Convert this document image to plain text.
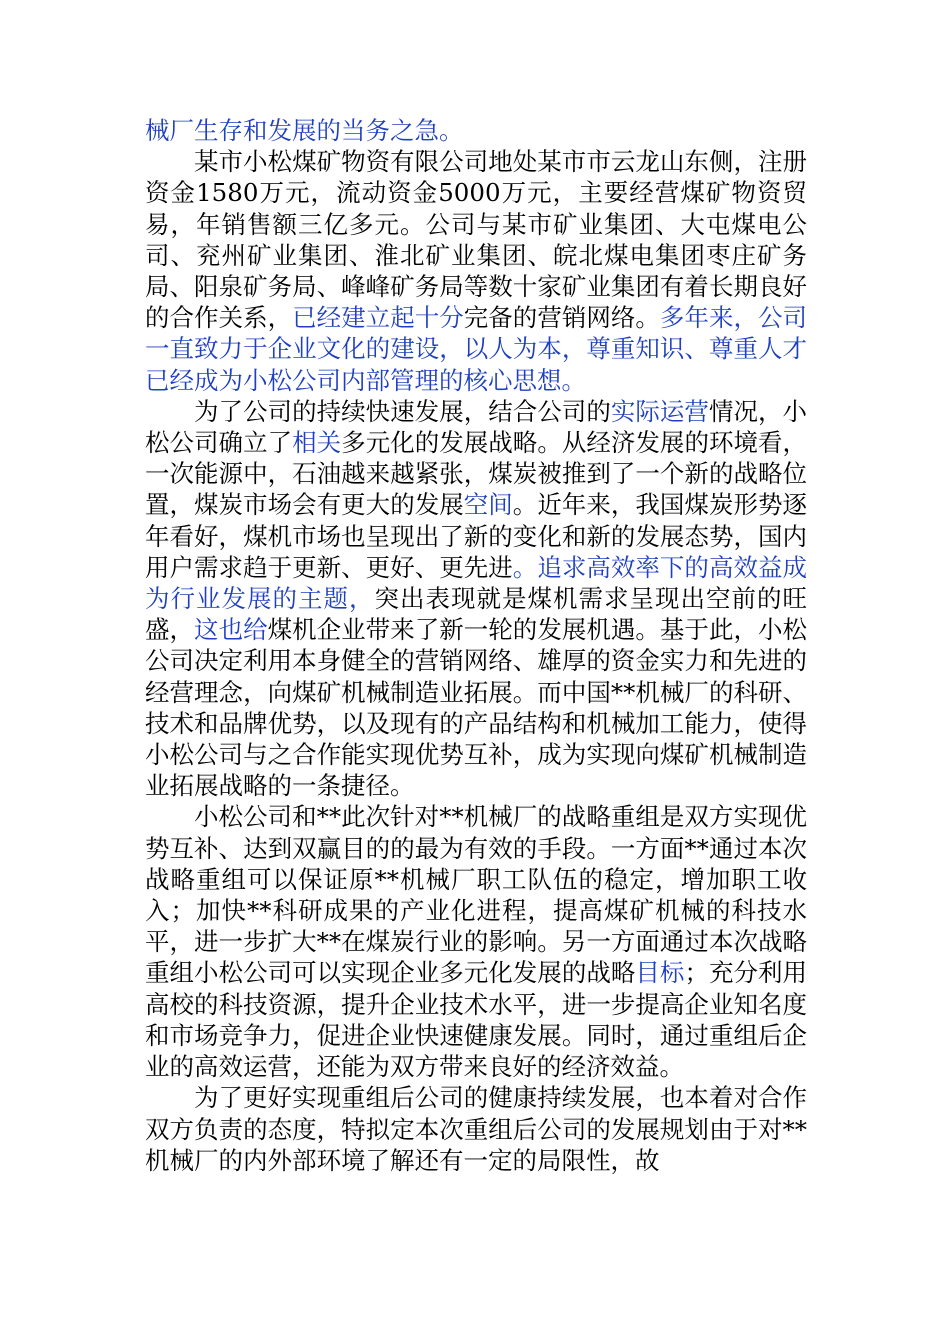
械厂生存和发展的当务之急。

某市小松煤矿物资有限公司地处某市市云龙山东侧，注册资金1580万元，流动资金5000万元，主要经营煤矿物资贸易，年销售额三亿多元。公司与某市矿业集团、大屯煤电公司、兖州矿业集团、淮北矿业集团、皖北煤电集团枣庄矿务局、阳泉矿务局、峰峰矿务局等数十家矿业集团有着长期良好的合作关系，已经建立起十分完备的营销网络。多年来，公司一直致力于企业文化的建设，以人为本，尊重知识、尊重人才已经成为小松公司内部管理的核心思想。

为了公司的持续快速发展，结合公司的实际运营情况，小松公司确立了相关多元化的发展战略。从经济发展的环境看，一次能源中，石油越来越紧张，煤炭被推到了一个新的战略位置，煤炭市场会有更大的发展空间。近年来，我国煤炭形势逐年看好，煤机市场也呈现出了新的变化和新的发展态势，国内用户需求趋于更新、更好、更先进。追求高效率下的高效益成为行业发展的主题，突出表现就是煤机需求呈现出空前的旺盛，这也给煤机企业带来了新一轮的发展机遇。基于此，小松公司决定利用本身健全的营销网络、雄厚的资金实力和先进的经营理念，向煤矿机械制造业拓展。而中国**机械厂的科研、技术和品牌优势，以及现有的产品结构和机械加工能力，使得小松公司与之合作能实现优势互补，成为实现向煤矿机械制造业拓展战略的一条捷径。

小松公司和**此次针对**机械厂的战略重组是双方实现优势互补、达到双赢目的的最为有效的手段。一方面**通过本次战略重组可以保证原**机械厂职工队伍的稳定，增加职工收入；加快**科研成果的产业化进程，提高煤矿机械的科技水平，进一步扩大**在煤炭行业的影响。另一方面通过本次战略重组小松公司可以实现企业多元化发展的战略目标；充分利用高校的科技资源，提升企业技术水平，进一步提高企业知名度和市场竞争力，促进企业快速健康发展。同时，通过重组后企业的高效运营，还能为双方带来良好的经济效益。

为了更好实现重组后公司的健康持续发展，也本着对合作双方负责的态度，特拟定本次重组后公司的发展规划由于对**机械厂的内外部环境了解还有一定的局限性，故
